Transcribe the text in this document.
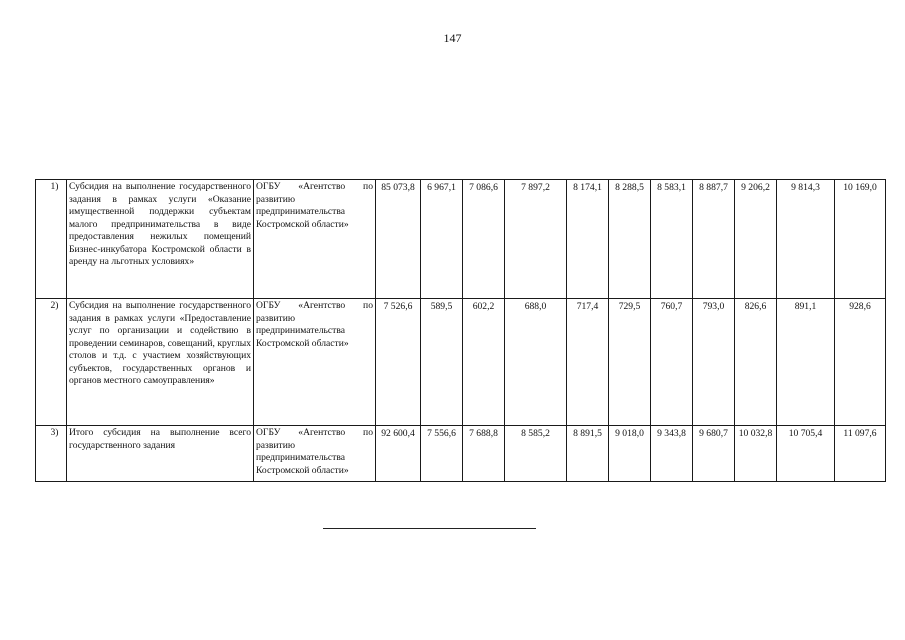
147
1)	Субсидия на выполнение государственного задания в рамках услуги «Оказание имущественной поддержки субъектам малого предпринимательства в виде предоставления нежилых помещений Бизнес-инкубатора Костромской области в аренду на льготных условиях»	ОГБУ «Агентство по развитию предпринимательства Костромской области»	85 073,8	6 967,1	7 086,6	7 897,2	8 174,1	8 288,5	8 583,1	8 887,7	9 206,2	9 814,3	10 169,0
2)	Субсидия на выполнение государственного задания в рамках услуги «Предоставление услуг по организации и содействию в проведении семинаров, совещаний, круглых столов и т.д. с участием хозяйствующих субъектов, государственных органов и органов местного самоуправления»	ОГБУ «Агентство по развитию предпринимательства Костромской области»	7 526,6	589,5	602,2	688,0	717,4	729,5	760,7	793,0	826,6	891,1	928,6
3)	Итого субсидия на выполнение всего государственного задания	ОГБУ «Агентство по развитию предпринимательства Костромской области»	92 600,4	7 556,6	7 688,8	8 585,2	8 891,5	9 018,0	9 343,8	9 680,7	10 032,8	10 705,4	11 097,6
